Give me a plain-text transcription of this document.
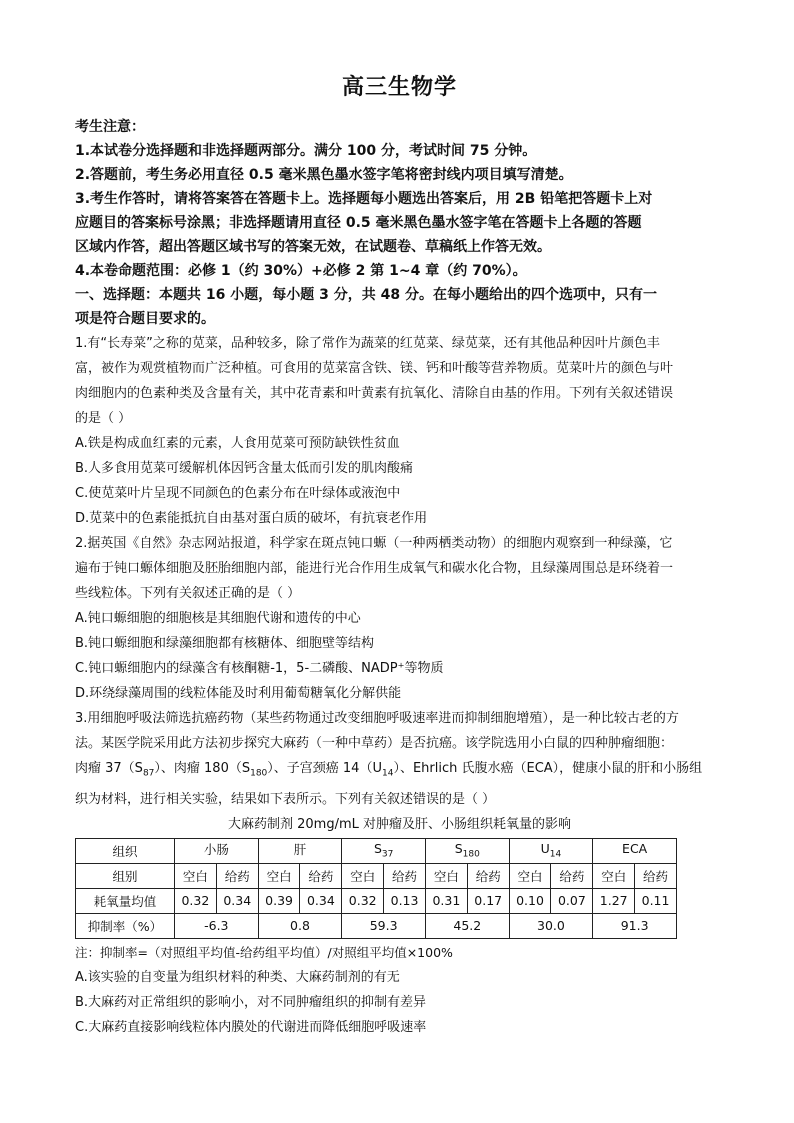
高三生物学
考生注意：
1.本试卷分选择题和非选择题两部分。满分 100 分，考试时间 75 分钟。
2.答题前，考生务必用直径 0.5 毫米黑色墨水签字笔将密封线内项目填写清楚。
3.考生作答时，请将答案答在答题卡上。选择题每小题选出答案后，用 2B 铅笔把答题卡上对
应题目的答案标号涂黑；非选择题请用直径 0.5 毫米黑色墨水签字笔在答题卡上各题的答题
区域内作答，超出答题区域书写的答案无效，在试题卷、草稿纸上作答无效。
4.本卷命题范围：必修 1（约 30%）+必修 2 第 1~4 章（约 70%）。
一、选择题：本题共 16 小题，每小题 3 分，共 48 分。在每小题给出的四个选项中，只有一
项是符合题目要求的。
1.有“长寿菜”之称的苋菜，品种较多，除了常作为蔬菜的红苋菜、绿苋菜，还有其他品种因叶片颜色丰
富，被作为观赏植物而广泛种植。可食用的苋菜富含铁、镁、钙和叶酸等营养物质。苋菜叶片的颜色与叶
肉细胞内的色素种类及含量有关，其中花青素和叶黄素有抗氧化、清除自由基的作用。下列有关叙述错误
的是（ ）
A.铁是构成血红素的元素，人食用苋菜可预防缺铁性贫血
B.人多食用苋菜可缓解机体因钙含量太低而引发的肌肉酸痛
C.使苋菜叶片呈现不同颜色的色素分布在叶绿体或液泡中
D.苋菜中的色素能抵抗自由基对蛋白质的破坏，有抗衰老作用
2.据英国《自然》杂志网站报道，科学家在斑点钝口螈（一种两栖类动物）的细胞内观察到一种绿藻，它
遍布于钝口螈体细胞及胚胎细胞内部，能进行光合作用生成氧气和碳水化合物，且绿藻周围总是环绕着一
些线粒体。下列有关叙述正确的是（ ）
A.钝口螈细胞的细胞核是其细胞代谢和遗传的中心
B.钝口螈细胞和绿藻细胞都有核糖体、细胞壁等结构
C.钝口螈细胞内的绿藻含有核酮糖-1，5-二磷酸、NADP⁺等物质
D.环绕绿藻周围的线粒体能及时利用葡萄糖氧化分解供能
3.用细胞呼吸法筛选抗癌药物（某些药物通过改变细胞呼吸速率进而抑制细胞增殖），是一种比较古老的方
法。某医学院采用此方法初步探究大麻药（一种中草药）是否抗癌。该学院选用小白鼠的四种肿瘤细胞：
肉瘤 $37(S_{87})$、肉瘤 $180(S_{180})$、子宫颈癌 $14(U_{14})$、Ehrlich 氏腹水癌（ECA），健康小鼠的肝和小肠组
织为材料，进行相关实验，结果如下表所示。下列有关叙述错误的是（ ）
大麻药制剂 20mg/mL 对肿瘤及肝、小肠组织耗氧量的影响
组织	小肠		肝		$S_{37}$		$S_{180}$		$U_{14}$		ECA	
组别	空白	给药	空白	给药	空白	给药	空白	给药	空白	给药	空白	给药
耗氧量均值	0.32	0.34	0.39	0.34	0.32	0.13	0.31	0.17	0.10	0.07	1.27	0.11
抑制率（%）	-6.3		0.8		59.3		45.2		30.0		91.3	
注：抑制率=（对照组平均值-给药组平均值）/对照组平均值×100%
A.该实验的自变量为组织材料的种类、大麻药制剂的有无
B.大麻药对正常组织的影响小，对不同肿瘤组织的抑制有差异
C.大麻药直接影响线粒体内膜处的代谢进而降低细胞呼吸速率
